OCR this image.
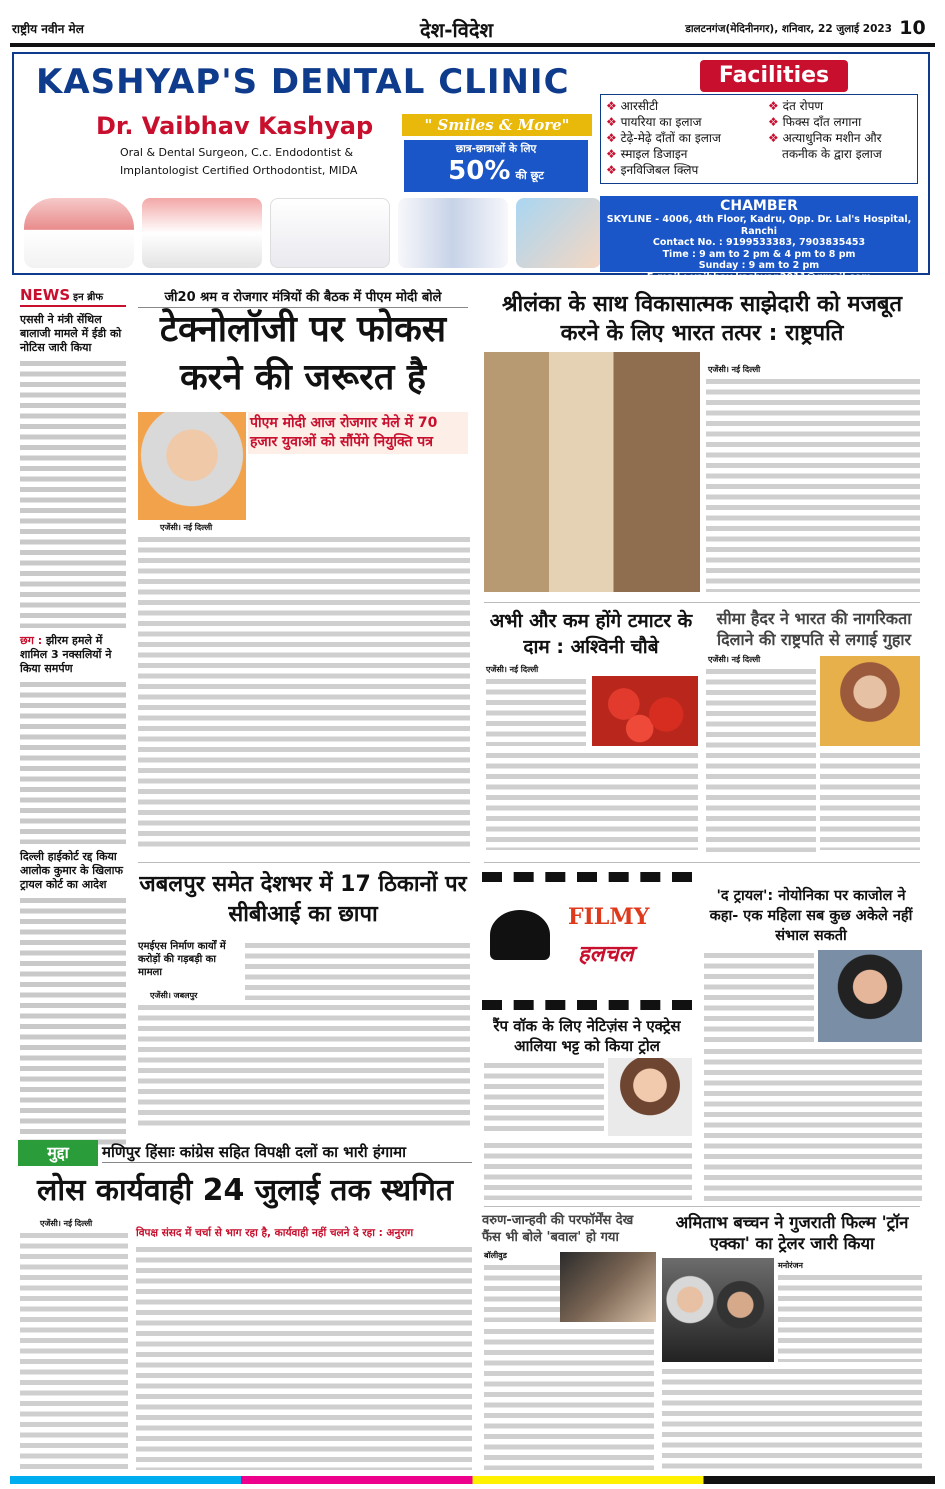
राष्ट्रीय नवीन मेल	देश-विदेश	डालटनगंज(मेदिनीनगर), शनिवार, 22 जुलाई 2023 10
KASHYAP'S DENTAL CLINIC
Dr. Vaibhav Kashyap
Oral & Dental Surgeon, C.c. Endodontist &
Implantologist Certified Orthodontist, MIDA
" Smiles & More"
छात्र-छात्राओं के लिए
50% की छूट
Facilities
❖ आरसीटी
❖ पायरिया का इलाज
❖ टेढ़े-मेढ़े दाँतों का इलाज
❖ स्माइल डिजाइन
❖ इनविजिबल क्लिप
❖ दंत रोपण
❖ फिक्स दाँत लगाना
❖ अत्याधुनिक मशीन और
तकनीक के द्वारा इलाज
CHAMBER
SKYLINE - 4006, 4th Floor, Kadru, Opp. Dr. Lal's Hospital, Ranchi
Contact No. : 9199533383, 7903835453
Time : 9 am to 2 pm & 4 pm to 8 pm
Sunday : 9 am to 2 pm
E-mail : vaibhav.kashyap2011@gmail.com
NEWS इन ब्रीफ
एससी ने मंत्री सेंथिल बालाजी मामले में ईडी को नोटिस जारी किया
छग : झीरम हमले में शामिल 3 नक्सलियों ने किया समर्पण
दिल्ली हाईकोर्ट रद्द किया आलोक कुमार के खिलाफ ट्रायल कोर्ट का आदेश
जी20 श्रम व रोजगार मंत्रियों की बैठक में पीएम मोदी बोले
टेक्नोलॉजी पर फोकस करने की जरूरत है
पीएम मोदी आज रोजगार मेले में 70 हजार युवाओं को सौंपेंगे नियुक्ति पत्र
एजेंसी। नई दिल्ली
श्रीलंका के साथ विकासात्मक साझेदारी को मजबूत करने के लिए भारत तत्पर : राष्ट्रपति
एजेंसी। नई दिल्ली
अभी और कम होंगे टमाटर के दाम : अश्विनी चौबे
एजेंसी। नई दिल्ली
सीमा हैदर ने भारत की नागरिकता दिलाने की राष्ट्रपति से लगाई गुहार
एजेंसी। नई दिल्ली
जबलपुर समेत देशभर में 17 ठिकानों पर सीबीआई का छापा
एमईएस निर्माण कार्यों में करोड़ों की गड़बड़ी का मामला
एजेंसी। जबलपुर
FILMY
हलचल
रैंप वॉक के लिए नेटिज़ंस ने एक्ट्रेस आलिया भट्ट को किया ट्रोल
'द ट्रायल': नोयोनिका पर काजोल ने कहा- एक महिला सब कुछ अकेले नहीं संभाल सकती
मुद्दा	मणिपुर हिंसाः कांग्रेस सहित विपक्षी दलों का भारी हंगामा
लोस कार्यवाही 24 जुलाई तक स्थगित
एजेंसी। नई दिल्ली
विपक्ष संसद में चर्चा से भाग रहा है, कार्यवाही नहीं चलने दे रहा : अनुराग
वरुण-जान्हवी की परफॉर्मेंस देख फैंस भी बोले 'बवाल' हो गया
बॉलीवुड
अमिताभ बच्चन ने गुजराती फिल्म 'ट्रॉन एक्का' का ट्रेलर जारी किया
मनोरंजन
